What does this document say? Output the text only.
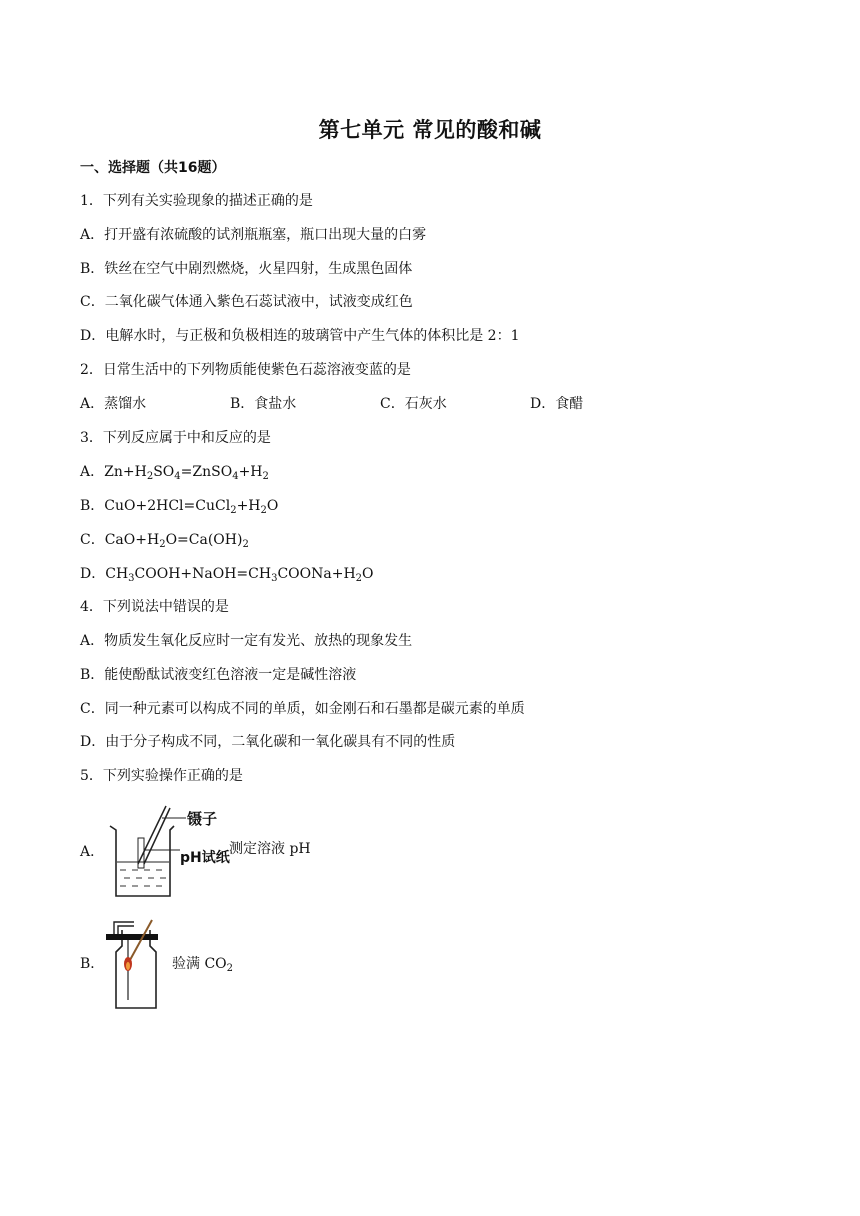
第七单元 常见的酸和碱
一、选择题（共16题）
1．下列有关实验现象的描述正确的是
A．打开盛有浓硫酸的试剂瓶瓶塞，瓶口出现大量的白雾
B．铁丝在空气中剧烈燃烧，火星四射，生成黑色固体
C．二氧化碳气体通入紫色石蕊试液中，试液变成红色
D．电解水时，与正极和负极相连的玻璃管中产生气体的体积比是 2：1
2．日常生活中的下列物质能使紫色石蕊溶液变蓝的是
A．蒸馏水	B．食盐水	C．石灰水	D．食醋
3．下列反应属于中和反应的是
A．$Zn+H_2SO_4=ZnSO_4+H_2$
B．$CuO+2HCl=CuCl_2+H_2O$
C．$CaO+H_2O=Ca(OH)_2$
D．$CH_3COOH+NaOH=CH_3COONa+H_2O$
4．下列说法中错误的是
A．物质发生氧化反应时一定有发光、放热的现象发生
B．能使酚酞试液变红色溶液一定是碱性溶液
C．同一种元素可以构成不同的单质，如金刚石和石墨都是碳元素的单质
D．由于分子构成不同，二氧化碳和一氧化碳具有不同的性质
5．下列实验操作正确的是
A．
镊子
pH试纸
测定溶液 pH
B．	验满 $CO_2$
